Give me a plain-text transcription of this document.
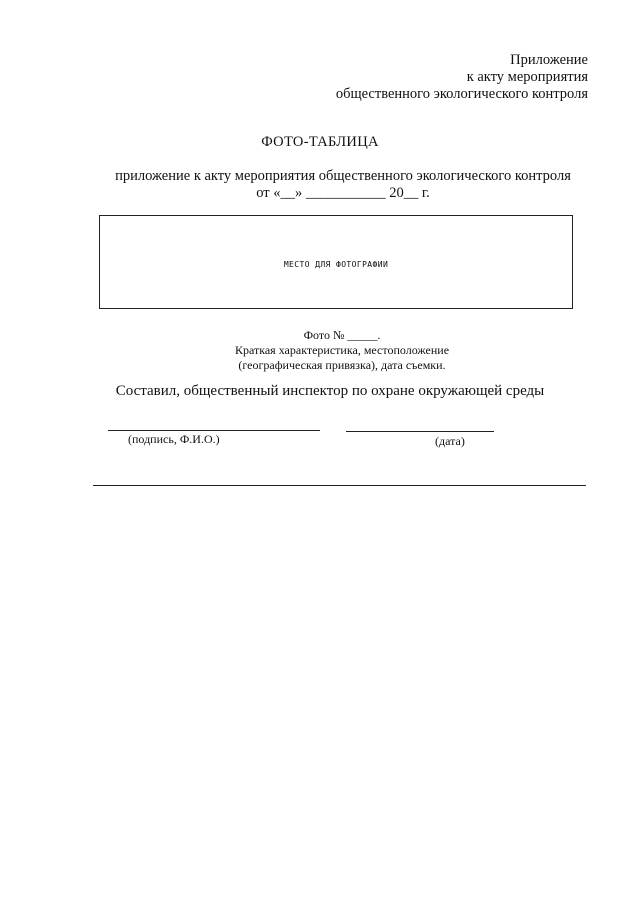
Приложение
к акту мероприятия
общественного экологического контроля
ФОТО-ТАБЛИЦА
приложение к акту мероприятия общественного экологического контроля
от «__» ___________ 20__ г.
МЕСТО ДЛЯ ФОТОГРАФИИ
Фото № _____.
Краткая характеристика, местоположение
(географическая привязка), дата съемки.
Составил, общественный инспектор по охране окружающей среды
(подпись, Ф.И.О.)	(дата)
